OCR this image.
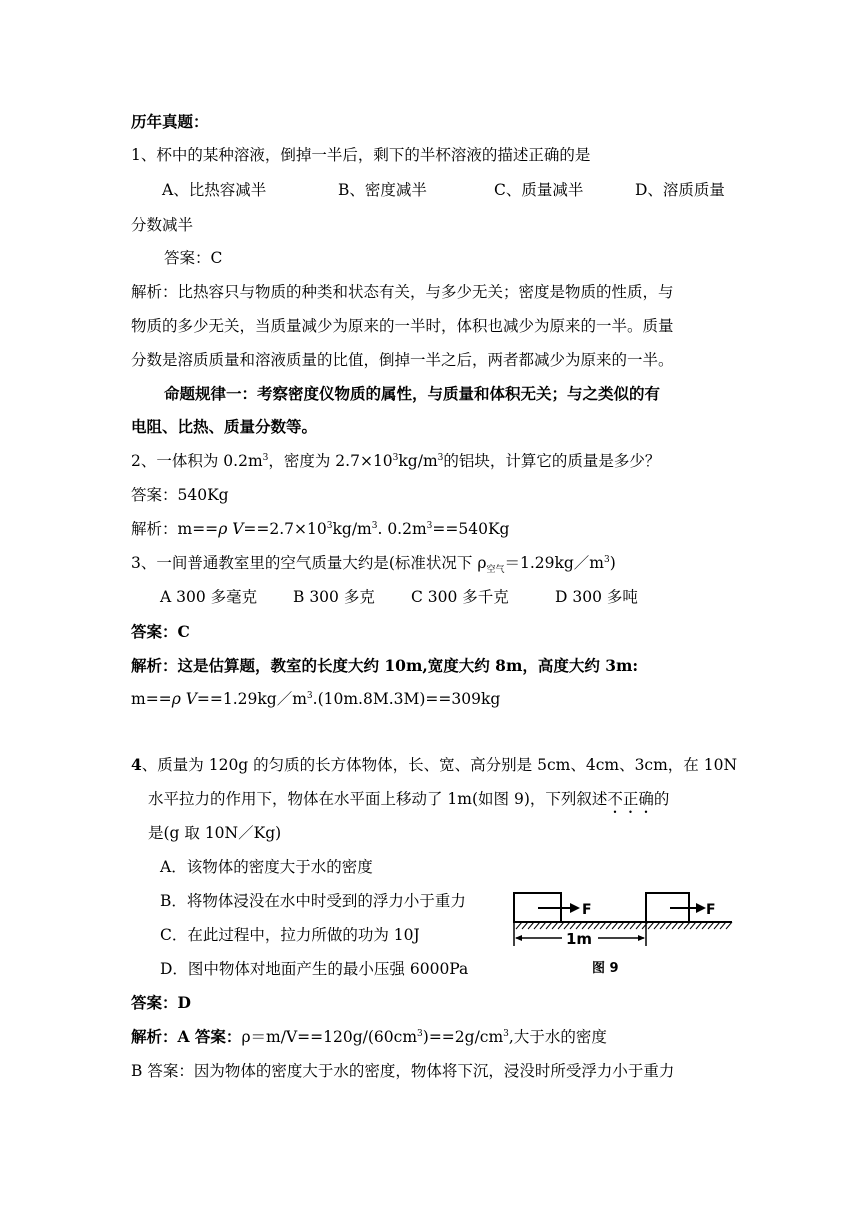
历年真题：
1、杯中的某种溶液，倒掉一半后，剩下的半杯溶液的描述正确的是
A、比热容减半	B、密度减半	C、质量减半	D、溶质质量
分数减半
答案：C
解析：比热容只与物质的种类和状态有关，与多少无关；密度是物质的性质，与
物质的多少无关，当质量减少为原来的一半时，体积也减少为原来的一半。质量
分数是溶质质量和溶液质量的比值，倒掉一半之后，两者都减少为原来的一半。
命题规律一：考察密度仪物质的属性，与质量和体积无关；与之类似的有
电阻、比热、质量分数等。
2、一体积为 $0.2m^3$，密度为 $2.7\times 10^3kg/m^3$的铝块，计算它的质量是多少？
答案：540Kg
解析：m==ρ $V==2.7\times 10^3kg/m^3$. $0.2m^3==540Kg$
3、一间普通教室里的空气质量大约是(标准状况下 $\rho_{空气}=1.29kg/m^3$)
A 300 多毫克 B 300 多克 C 300 多千克	D 300 多吨
答案：C
解析：这是估算题，教室的长度大约 10m,宽度大约 8m，高度大约 3m:
m==ρ $V==1.29kg/m^3.(10m.8M.3M)==309kg$
4、质量为 120g 的匀质的长方体物体，长、宽、高分别是 5cm、4cm、3cm，在 10N
水平拉力的作用下，物体在水平面上移动了 1m(如图 9)，下列叙述不正确的
是(g 取 10N／Kg)
A．该物体的密度大于水的密度
B．将物体浸没在水中时受到的浮力小于重力
C．在此过程中，拉力所做的功为 10J
D．图中物体对地面产生的最小压强 6000Pa
F	F
1m
图 9
答案：D
解析：A 答案：$\rho=m/V==120g/(60cm^3)==2g/cm^3$,大于水的密度
B 答案：因为物体的密度大于水的密度，物体将下沉，浸没时所受浮力小于重力
